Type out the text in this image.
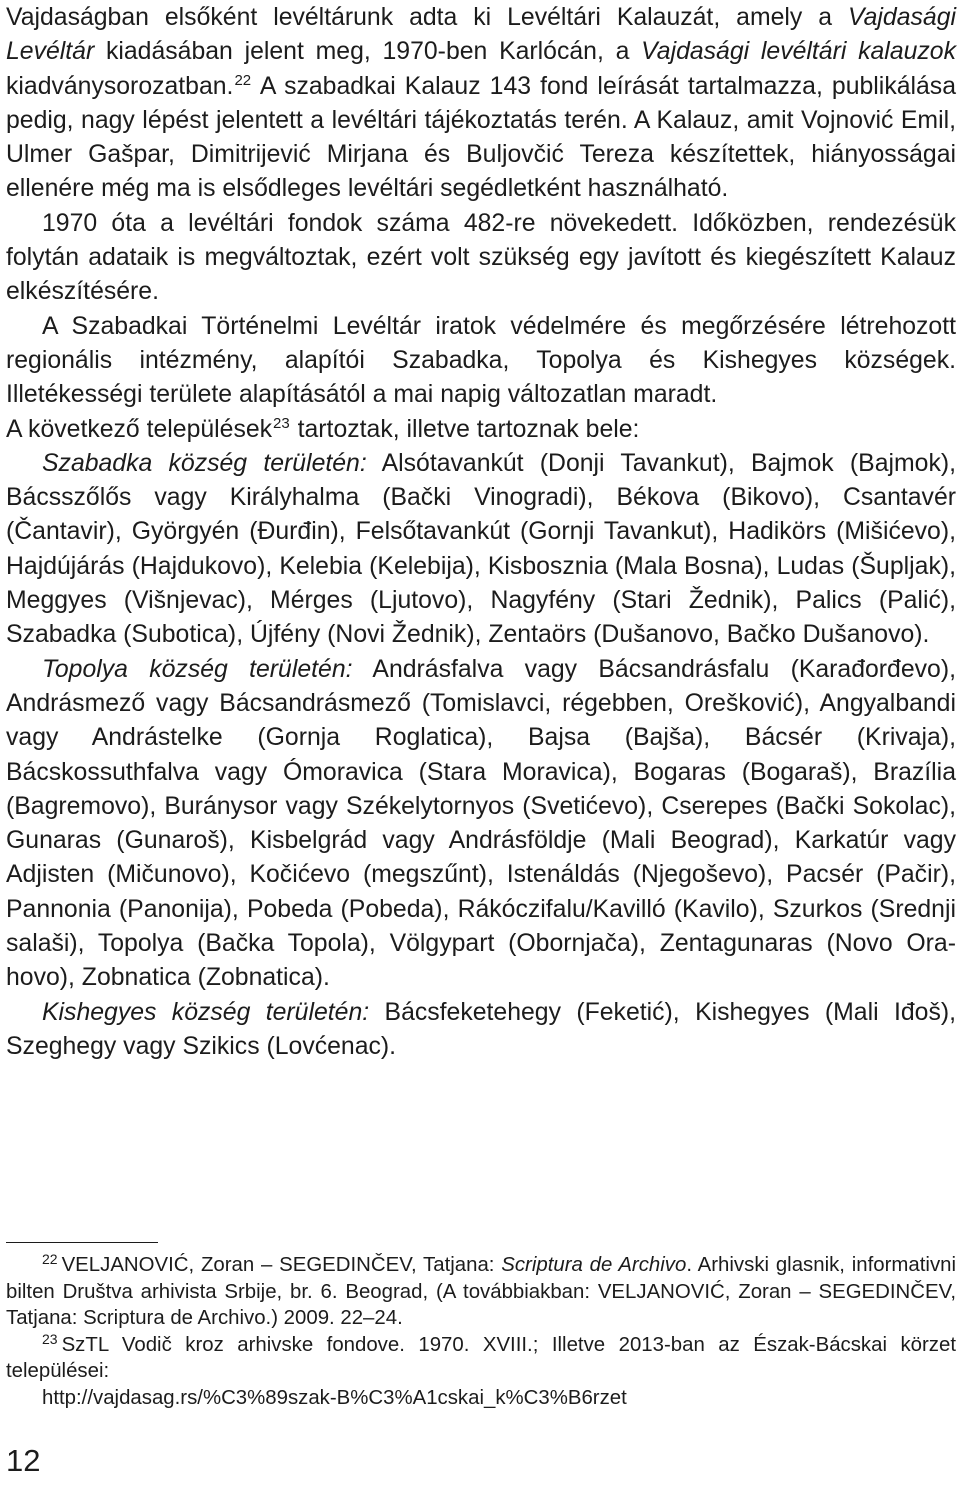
Vajdaságban elsőként levéltárunk adta ki Levéltári Kalauzát, amely a Vajdasági Levéltár kiadásában jelent meg, 1970-ben Karlócán, a Vajdasági levéltári kalauzok kiadványsorozatban.$^{22}$ A szabadkai Kalauz 143 fond leírását tartalmazza, publikálása pedig, nagy lépést jelentett a levéltári tájékoztatás terén. A Kalauz, amit Vojnović Emil, Ulmer Gašpar, Dimitrijević Mirjana és Buljovčić Tereza készítettek, hiányosságai ellenére még ma is elsődleges levéltári segédletként használható.

1970 óta a levéltári fondok száma 482-re növekedett. Időközben, rendezésük folytán adataik is megváltoztak, ezért volt szükség egy javított és kiegészített Kalauz elkészítésére.

A Szabadkai Történelmi Levéltár iratok védelmére és megőrzésére létrehozott regionális intézmény, alapítói Szabadka, Topolya és Kishegyes községek. Illetékességi területe alapításától a mai napig változatlan maradt.

A következő települések$^{23}$ tartoztak, illetve tartoznak bele:

Szabadka község területén: Alsótavankút (Donji Tavankut), Bajmok (Bajmok), Bácsszőlős vagy Királyhalma (Bački Vinogradi), Békova (Bikovo), Csantavér (Čantavir), Györgyén (Đurđin), Felsőtavankút (Gornji Tavankut), Hadikörs (Mišićevo), Hajdújárás (Hajdukovo), Kelebia (Kelebija), Kisbosznia (Mala Bosna), Ludas (Šupljak), Meggyes (Višnjevac), Mérges (Ljutovo), Nagyfény (Stari Žednik), Palics (Palić), Szabadka (Subotica), Újfény (Novi Žednik), Zentaörs (Dušanovo, Bačko Dušanovo).

Topolya község területén: Andrásfalva vagy Bácsandrásfalu (Karađorđevo), Andrásmező vagy Bácsandrásmező (Tomislavci, régebben, Orešković), Angyalbandi vagy Andrástelke (Gornja Roglatica), Bajsa (Bajša), Bácsér (Krivaja), Bácskossuthfalva vagy Ómoravica (Stara Moravica), Bogaras (Bogaraš), Brazília (Bagremovo), Buránysor vagy Székelytornyos (Svetićevo), Cserepes (Bački Sokolac), Gunaras (Gunaroš), Kisbelgrád vagy Andrásföldje (Mali Beograd), Karkatúr vagy Adjisten (Mičunovo), Kočićevo (megszűnt), Istenáldás (Njegoševo), Pacsér (Pačir), Pannonia (Panonija), Pobeda (Pobeda), Rákóczifalu/Kavilló (Kavilo), Szurkos (Srednji salaši), Topolya (Bačka Topola), Völgypart (Obornjača), Zentagunaras (Novo Orahovo), Zobnatica (Zobnatica).

Kishegyes község területén: Bácsfeketehegy (Feketić), Kishegyes (Mali Iđoš), Szeghegy vagy Szikics (Lovćenac).

$^{22}$ VELJANOVIĆ, Zoran – SEGEDINČEV, Tatjana: Scriptura de Archivo. Arhivski glasnik, informativni bilten Društva arhivista Srbije, br. 6. Beograd, (A továbbiakban: VELJANOVIĆ, Zoran – SEGEDINČEV, Tatjana: Scriptura de Archivo.) 2009. 22–24.

$^{23}$ SzTL Vodič kroz arhivske fondove. 1970. XVIII.; Illetve 2013-ban az Észak-Bácskai körzet települései:

http://vajdasag.rs/%C3%89szak-B%C3%A1cskai_k%C3%B6rzet

12
